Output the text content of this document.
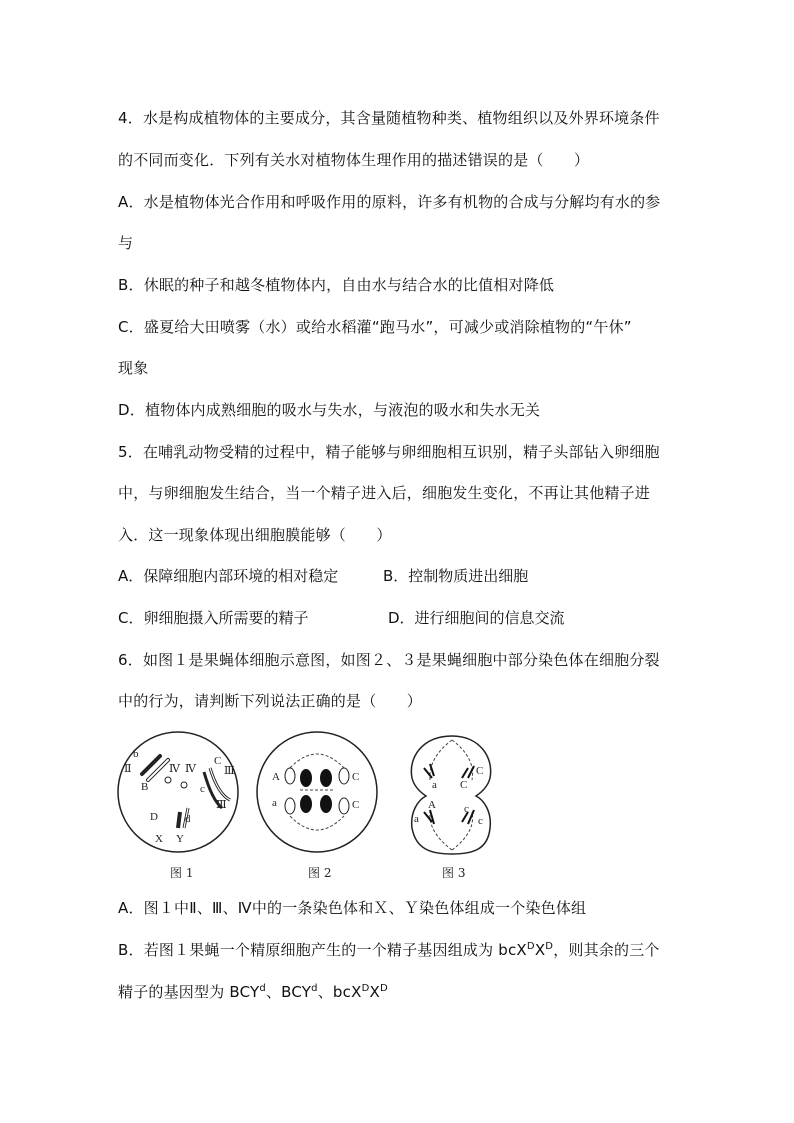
4．水是构成植物体的主要成分，其含量随植物种类、植物组织以及外界环境条件
的不同而变化．下列有关水对植物体生理作用的描述错误的是（　　）
A．水是植物体光合作用和呼吸作用的原料，许多有机物的合成与分解均有水的参
与
B．休眠的种子和越冬植物体内，自由水与结合水的比值相对降低
C．盛夏给大田喷雾（水）或给水稻灌“跑马水”，可减少或消除植物的“午休”
现象
D．植物体内成熟细胞的吸水与失水，与液泡的吸水和失水无关
5．在哺乳动物受精的过程中，精子能够与卵细胞相互识别，精子头部钻入卵细胞
中，与卵细胞发生结合，当一个精子进入后，细胞发生变化，不再让其他精子进
入．这一现象体现出细胞膜能够（　　）
A．保障细胞内部环境的相对稳定	B．控制物质进出细胞
C．卵细胞摄入所需要的精子	D．进行细胞间的信息交流
6．如图１是果蝇体细胞示意图，如图２、３是果蝇细胞中部分染色体在细胞分裂
中的行为，请判断下列说法正确的是（　　）
b
Ⅱ
B
Ⅳ Ⅳ
C
Ⅲ
c
Ⅲ
D d
X Y
A
a
C
C
a C
C
A
a
c
c
图 1	图 2	图 3
A．图１中Ⅱ、Ⅲ、Ⅳ中的一条染色体和Ｘ、Ｙ染色体组成一个染色体组
B．若图１果蝇一个精原细胞产生的一个精子基因组成为 $bcX^DX^D$，则其余的三个
精子的基因型为 BCY$^d$、BCY$^d$、$bcX^DX^D$
